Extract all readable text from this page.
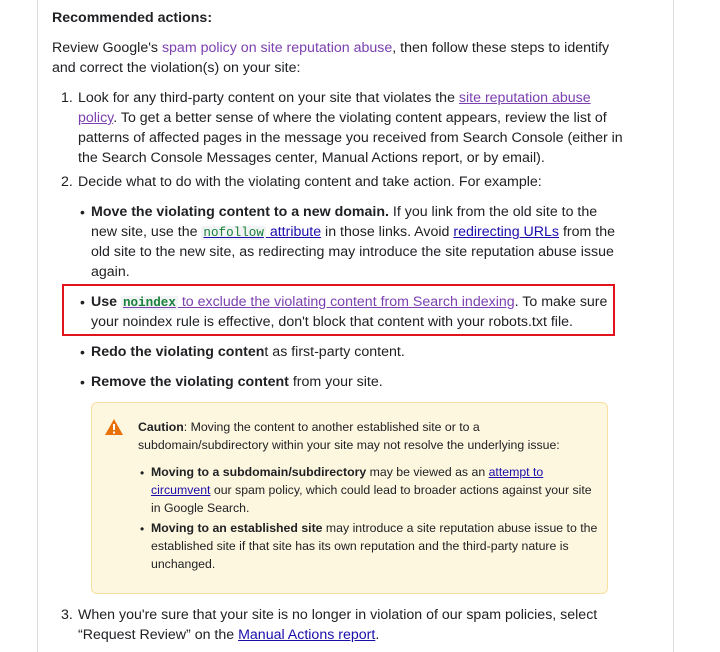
Recommended actions:
Review Google's spam policy on site reputation abuse, then follow these steps to identify
and correct the violation(s) on your site:
1. Look for any third-party content on your site that violates the site reputation abuse
policy. To get a better sense of where the violating content appears, review the list of
patterns of affected pages in the message you received from Search Console (either in
the Search Console Messages center, Manual Actions report, or by email).
2. Decide what to do with the violating content and take action. For example:
• Move the violating content to a new domain. If you link from the old site to the
new site, use the nofollow attribute in those links. Avoid redirecting URLs from the
old site to the new site, as redirecting may introduce the site reputation abuse issue
again.
• Use noindex to exclude the violating content from Search indexing. To make sure
your noindex rule is effective, don't block that content with your robots.txt file.
• Redo the violating content as first-party content.
• Remove the violating content from your site.
Caution: Moving the content to another established site or to a
subdomain/subdirectory within your site may not resolve the underlying issue:
• Moving to a subdomain/subdirectory may be viewed as an attempt to
circumvent our spam policy, which could lead to broader actions against your site
in Google Search.
• Moving to an established site may introduce a site reputation abuse issue to the
established site if that site has its own reputation and the third-party nature is
unchanged.
3. When you're sure that your site is no longer in violation of our spam policies, select
“Request Review” on the Manual Actions report.
